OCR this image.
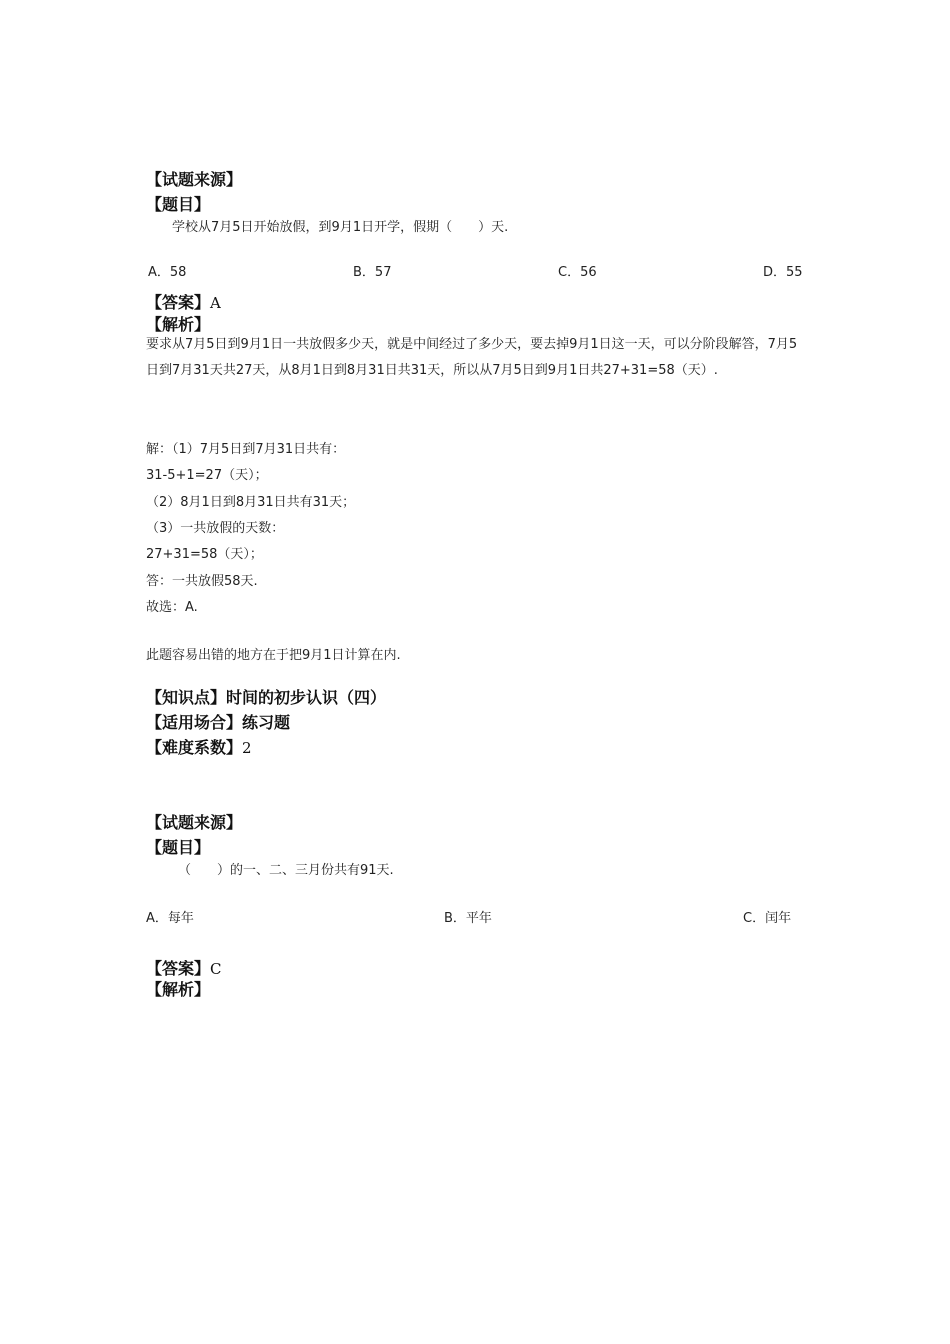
【试题来源】
【题目】
学校从7月5日开始放假，到9月1日开学，假期（　　）天.
A．58	B．57	C．56	D．55
【答案】A
【解析】
要求从7月5日到9月1日一共放假多少天，就是中间经过了多少天，要去掉9月1日这一天，可以分阶段解答，7月5日到7月31天共27天，从8月1日到8月31日共31天，所以从7月5日到9月1日共27+31=58（天）.
解：（1）7月5日到7月31日共有：
31-5+1=27（天）；
（2）8月1日到8月31日共有31天；
（3）一共放假的天数：
27+31=58（天）；
答：一共放假58天.
故选：A.
此题容易出错的地方在于把9月1日计算在内.
【知识点】时间的初步认识（四）
【适用场合】练习题
【难度系数】2
【试题来源】
【题目】
（　　）的一、二、三月份共有91天.
A．每年	B．平年	C．闰年
【答案】C
【解析】
